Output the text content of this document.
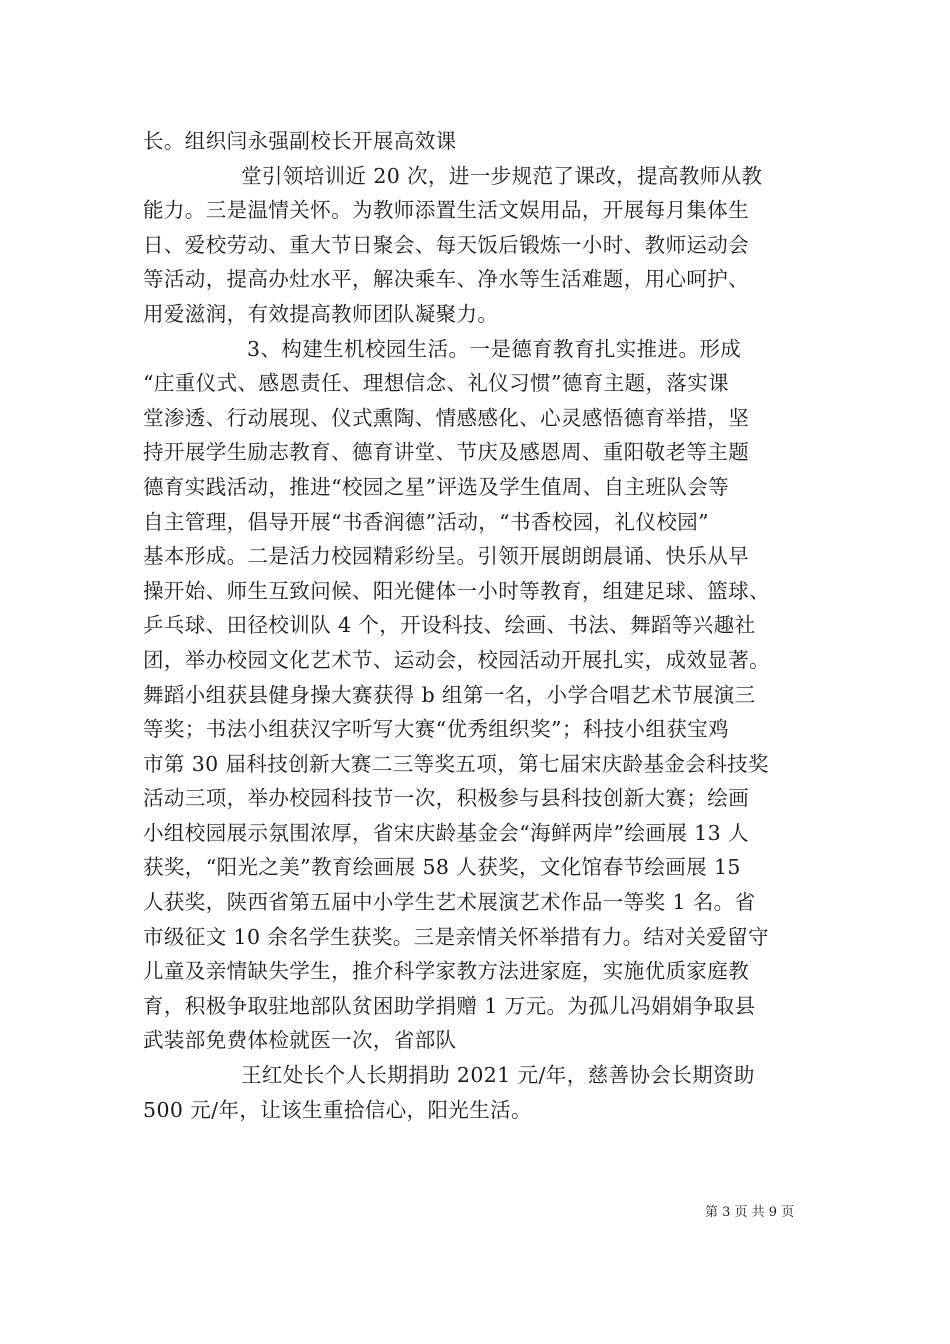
长。组织闫永强副校长开展高效课

堂引领培训近 20 次，进一步规范了课改，提高教师从教
能力。三是温情关怀。为教师添置生活文娱用品，开展每月集体生
日、爱校劳动、重大节日聚会、每天饭后锻炼一小时、教师运动会
等活动，提高办灶水平，解决乘车、净水等生活难题，用心呵护、
用爱滋润，有效提高教师团队凝聚力。

3、构建生机校园生活。一是德育教育扎实推进。形成
“庄重仪式、感恩责任、理想信念、礼仪习惯”德育主题，落实课
堂渗透、行动展现、仪式熏陶、情感感化、心灵感悟德育举措，坚
持开展学生励志教育、德育讲堂、节庆及感恩周、重阳敬老等主题
德育实践活动，推进“校园之星”评选及学生值周、自主班队会等
自主管理，倡导开展“书香润德”活动，“书香校园，礼仪校园”
基本形成。二是活力校园精彩纷呈。引领开展朗朗晨诵、快乐从早
操开始、师生互致问候、阳光健体一小时等教育，组建足球、篮球、
乒乓球、田径校训队 4 个，开设科技、绘画、书法、舞蹈等兴趣社
团，举办校园文化艺术节、运动会，校园活动开展扎实，成效显著。
舞蹈小组获县健身操大赛获得 b 组第一名，小学合唱艺术节展演三
等奖；书法小组获汉字听写大赛“优秀组织奖”；科技小组获宝鸡
市第 30 届科技创新大赛二三等奖五项，第七届宋庆龄基金会科技奖
活动三项，举办校园科技节一次，积极参与县科技创新大赛；绘画
小组校园展示氛围浓厚，省宋庆龄基金会“海鲜两岸”绘画展 13 人
获奖，“阳光之美”教育绘画展 58 人获奖，文化馆春节绘画展 15
人获奖，陕西省第五届中小学生艺术展演艺术作品一等奖 1 名。省
市级征文 10 余名学生获奖。三是亲情关怀举措有力。结对关爱留守
儿童及亲情缺失学生，推介科学家教方法进家庭，实施优质家庭教
育，积极争取驻地部队贫困助学捐赠 1 万元。为孤儿冯娟娟争取县
武装部免费体检就医一次，省部队

王红处长个人长期捐助 2021 元/年，慈善协会长期资助
500 元/年，让该生重拾信心，阳光生活。

第 3 页 共 9 页
